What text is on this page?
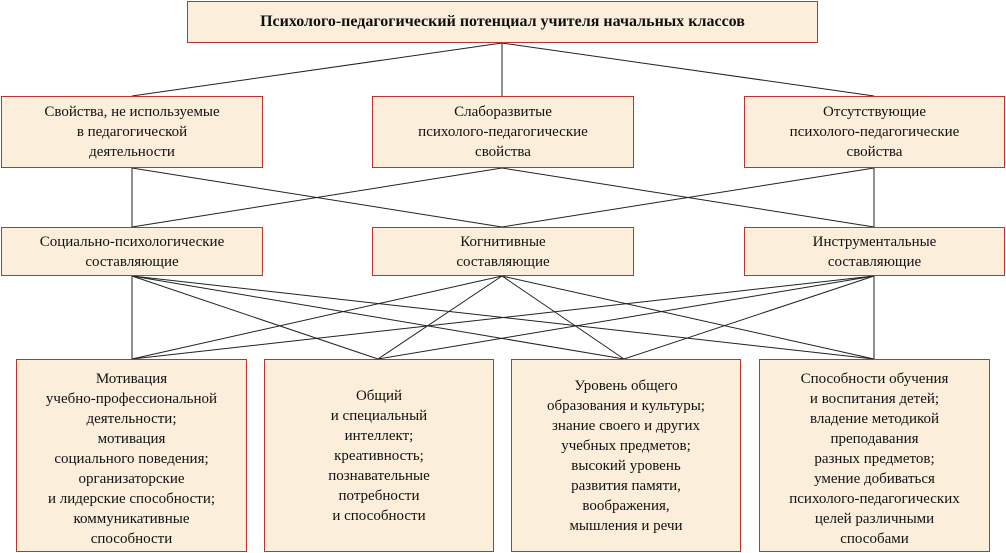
Психолого-педагогический потенциал учителя начальных классов
Свойства, не используемые
в педагогической
деятельности
Слаборазвитые
психолого-педагогические
свойства
Отсутствующие
психолого-педагогические
свойства
Социально-психологические
составляющие
Когнитивные
составляющие
Инструментальные
составляющие
Мотивация
учебно-профессиональной
деятельности;
мотивация
социального поведения;
организаторские
и лидерские способности;
коммуникативные
способности
Общий
и специальный
интеллект;
креативность;
познавательные
потребности
и способности
Уровень общего
образования и культуры;
знание своего и других
учебных предметов;
высокий уровень
развития памяти,
воображения,
мышления и речи
Способности обучения
и воспитания детей;
владение методикой
преподавания
разных предметов;
умение добиваться
психолого-педагогических
целей различными
способами
